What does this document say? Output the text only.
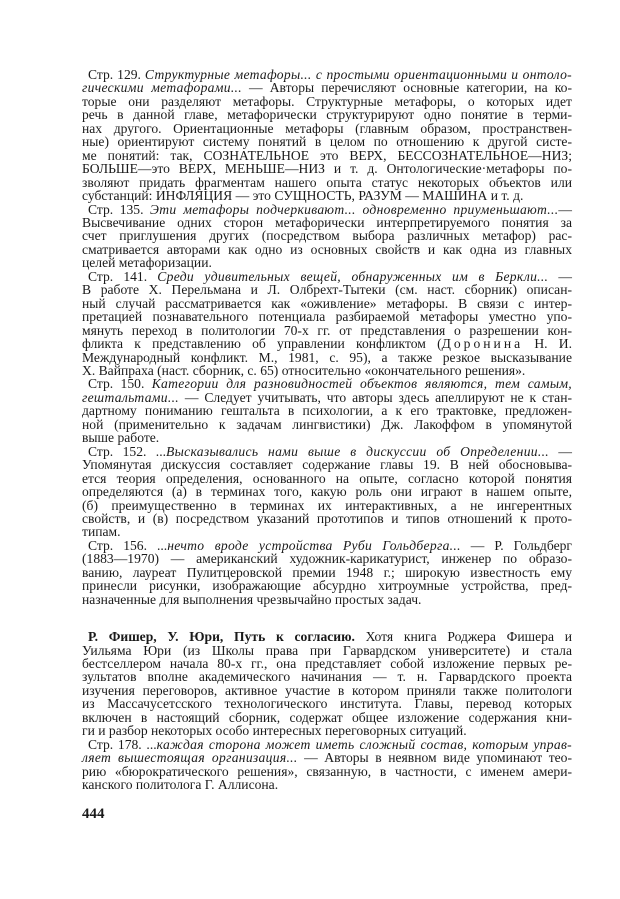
Стр. 129. Структурные метафоры... с простыми ориентационными и онтоло-
гическими метафорами... — Авторы перечисляют основные категории, на ко-
торые они разделяют метафоры. Структурные метафоры, о которых идет
речь в данной главе, метафорически структурируют одно понятие в терми-
нах другого. Ориентационные метафоры (главным образом, пространствен-
ные) ориентируют систему понятий в целом по отношению к другой систе-
ме понятий: так, СОЗНАТЕЛЬНОЕ это ВЕРХ, БЕССОЗНАТЕЛЬНОЕ—НИЗ;
БОЛЬШЕ—это ВЕРХ, МЕНЬШЕ—НИЗ и т. д. Онтологические·метафоры по-
зволяют придать фрагментам нашего опыта статус некоторых объектов или
субстанций: ИНФЛЯЦИЯ — это СУЩНОСТЬ, РАЗУМ — МАШИНА и т. д.
Стр. 135. Эти метафоры подчеркивают... одновременно приуменьшают...—
Высвечивание одних сторон метафорически интерпретируемого понятия за
счет приглушения других (посредством выбора различных метафор) рас-
сматривается авторами как одно из основных свойств и как одна из главных
целей метафоризации.
Стр. 141. Среди удивительных вещей, обнаруженных им в Беркли... —
В работе Х. Перельмана и Л. Олбрехт-Тытеки (см. наст. сборник) описан-
ный случай рассматривается как «оживление» метафоры. В связи с интер-
претацией познавательного потенциала разбираемой метафоры уместно упо-
мянуть переход в политологии 70-х гг. от представления о разрешении кон-
фликта к представлению об управлении конфликтом (Доронина Н. И.
Международный конфликт. М., 1981, с. 95), а также резкое высказывание
Х. Вайпраха (наст. сборник, с. 65) относительно «окончательного решения».
Стр. 150. Категории для разновидностей объектов являются, тем самым,
гештальтами... — Следует учитывать, что авторы здесь апеллируют не к стан-
дартному пониманию гештальта в психологии, а к его трактовке, предложен-
ной (применительно к задачам лингвистики) Дж. Лакоффом в упомянутой
выше работе.
Стр. 152. ...Высказывались нами выше в дискуссии об Определении... —
Упомянутая дискуссия составляет содержание главы 19. В ней обосновыва-
ется теория определения, основанного на опыте, согласно которой понятия
определяются (а) в терминах того, какую роль они играют в нашем опыте,
(б) преимущественно в терминах их интерактивных, а не ингерентных
свойств, и (в) посредством указаний прототипов и типов отношений к прото-
типам.
Стр. 156. ...нечто вроде устройства Руби Гольдберга... — Р. Гольдберг
(1883—1970) — американский художник-карикатурист, инженер по образо-
ванию, лауреат Пулитцеровской премии 1948 г.; широкую известность ему
принесли рисунки, изображающие абсурдно хитроумные устройства, пред-
назначенные для выполнения чрезвычайно простых задач.
Р. Фишер, У. Юри, Путь к согласию. Хотя книга Роджера Фишера и
Уильяма Юри (из Школы права при Гарвардском университете) и стала
бестселлером начала 80-х гг., она представляет собой изложение первых ре-
зультатов вполне академического начинания — т. н. Гарвардского проекта
изучения переговоров, активное участие в котором приняли также политологи
из Массачусетсского технологического института. Главы, перевод которых
включен в настоящий сборник, содержат общее изложение содержания кни-
ги и разбор некоторых особо интересных переговорных ситуаций.
Стр. 178. ...каждая сторона может иметь сложный состав, которым управ-
ляет вышестоящая организация... — Авторы в неявном виде упоминают тео-
рию «бюрократического решения», связанную, в частности, с именем амери-
канского политолога Г. Аллисона.
444
